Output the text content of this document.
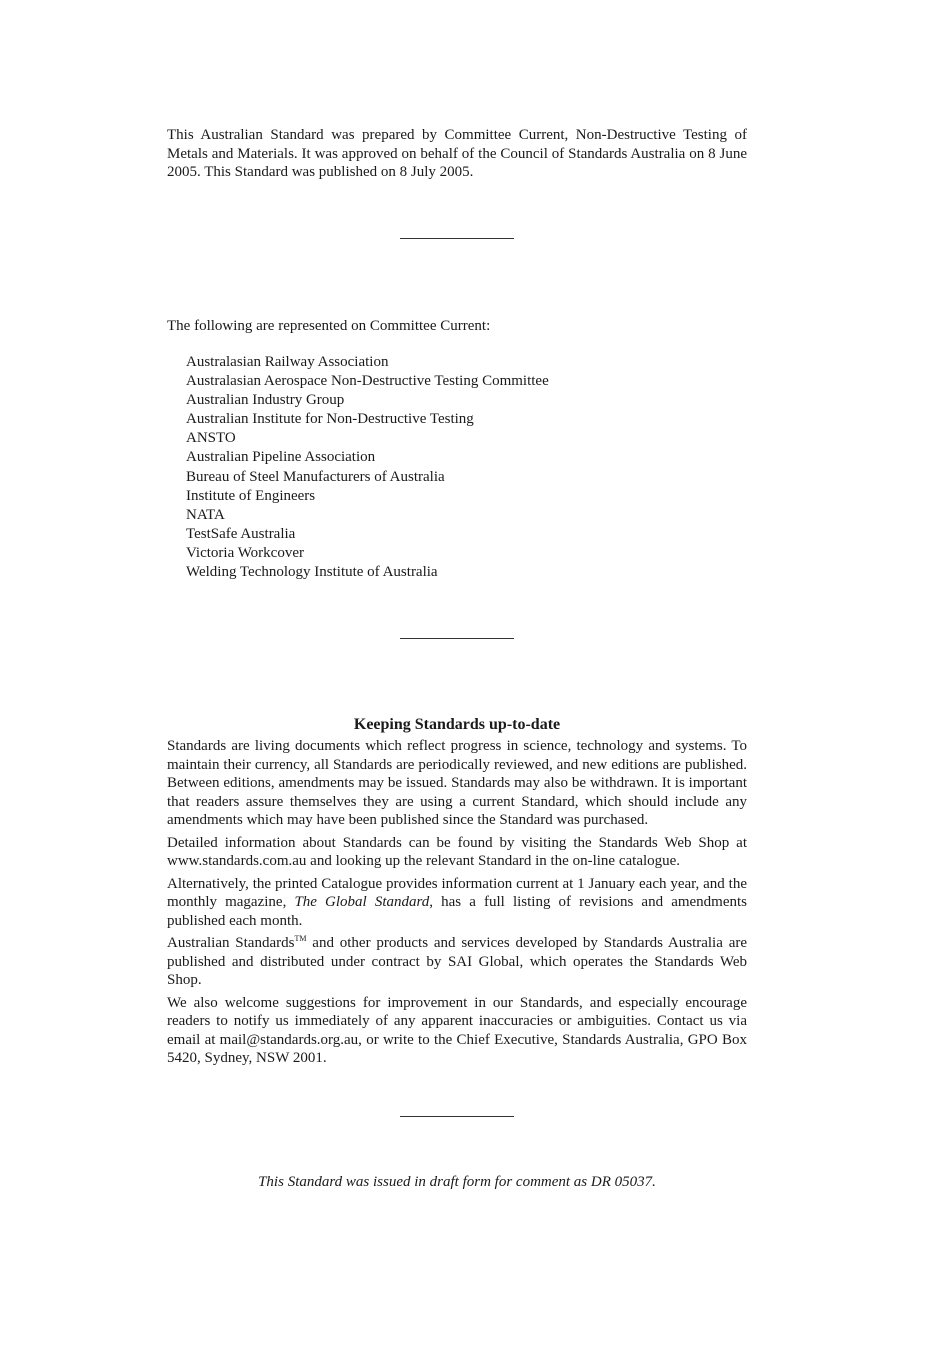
This Australian Standard was prepared by Committee Current, Non-Destructive Testing of Metals and Materials. It was approved on behalf of the Council of Standards Australia on 8 June 2005. This Standard was published on 8 July 2005.

The following are represented on Committee Current:

Australasian Railway Association
Australasian Aerospace Non-Destructive Testing Committee
Australian Industry Group
Australian Institute for Non-Destructive Testing
ANSTO
Australian Pipeline Association
Bureau of Steel Manufacturers of Australia
Institute of Engineers
NATA
TestSafe Australia
Victoria Workcover
Welding Technology Institute of Australia
Keeping Standards up-to-date

Standards are living documents which reflect progress in science, technology and systems. To maintain their currency, all Standards are periodically reviewed, and new editions are published. Between editions, amendments may be issued. Standards may also be withdrawn. It is important that readers assure themselves they are using a current Standard, which should include any amendments which may have been published since the Standard was purchased.

Detailed information about Standards can be found by visiting the Standards Web Shop at www.standards.com.au and looking up the relevant Standard in the on-line catalogue.

Alternatively, the printed Catalogue provides information current at 1 January each year, and the monthly magazine, The Global Standard, has a full listing of revisions and amendments published each month.

Australian Standards™ and other products and services developed by Standards Australia are published and distributed under contract by SAI Global, which operates the Standards Web Shop.

We also welcome suggestions for improvement in our Standards, and especially encourage readers to notify us immediately of any apparent inaccuracies or ambiguities. Contact us via email at mail@standards.org.au, or write to the Chief Executive, Standards Australia, GPO Box 5420, Sydney, NSW 2001.

This Standard was issued in draft form for comment as DR 05037.
